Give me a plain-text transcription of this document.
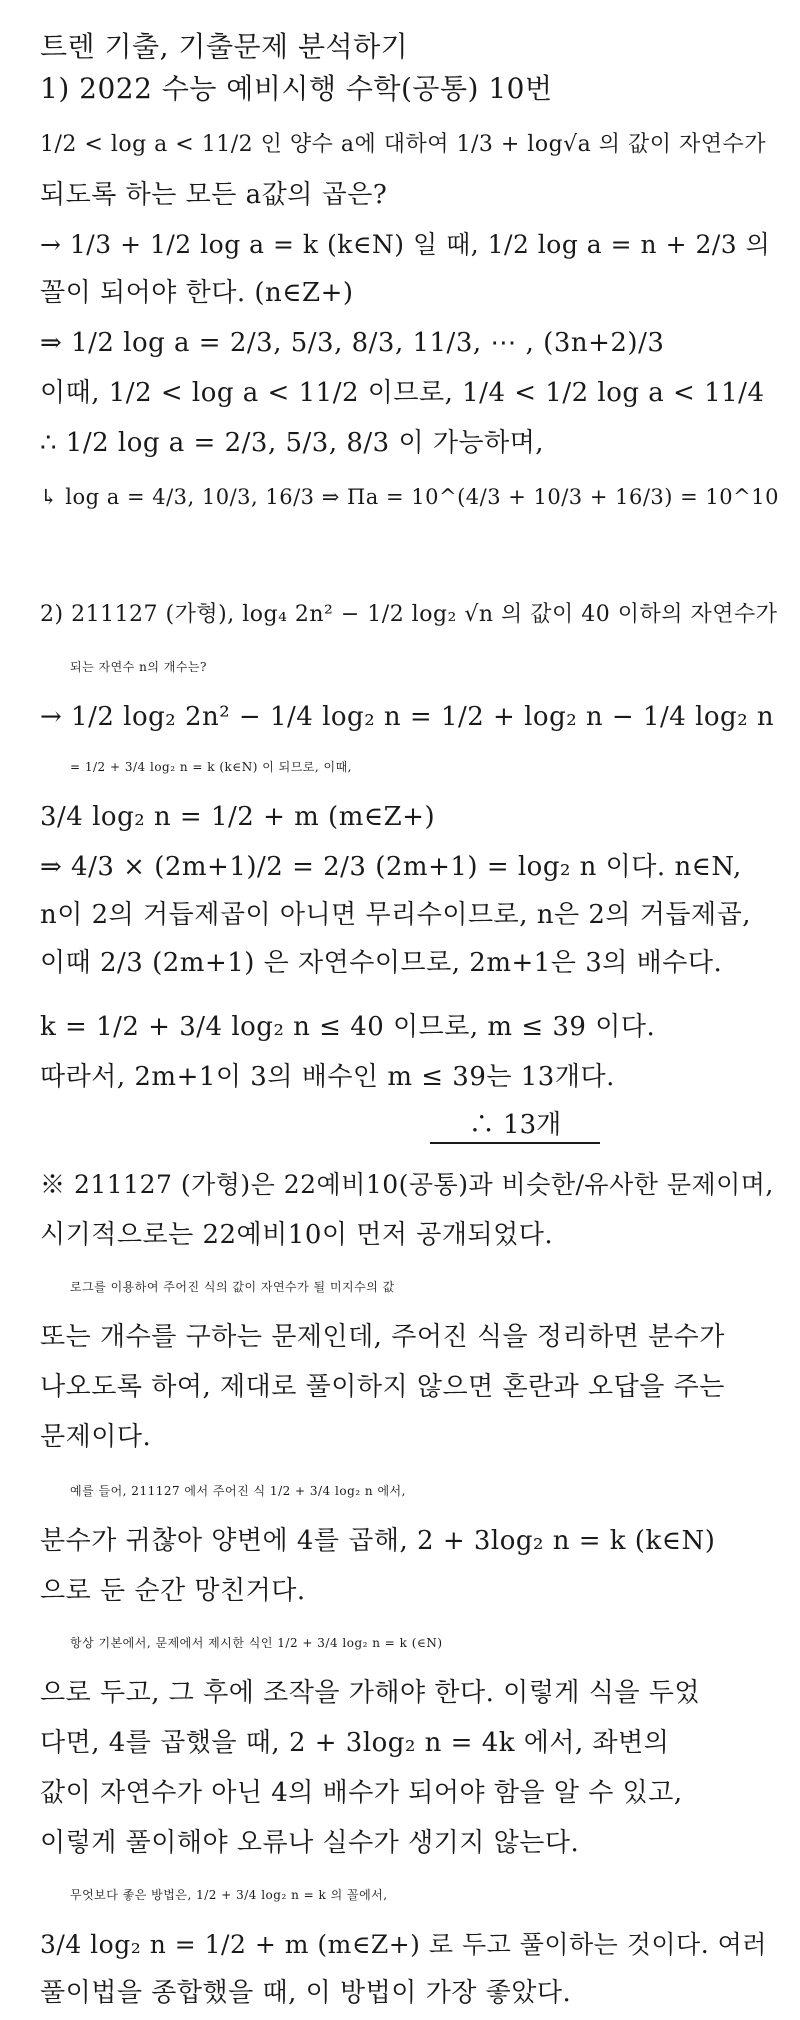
트렌 기출, 기출문제 분석하기
1) 2022 수능 예비시행 수학(공통) 10번
1/2 < log a < 11/2 인 양수 a에 대하여 1/3 + log√a 의 값이 자연수가
되도록 하는 모든 a값의 곱은?
→ 1/3 + 1/2 log a = k (k∈N) 일 때, 1/2 log a = n + 2/3 의
꼴이 되어야 한다. (n∈Z+)
⇒ 1/2 log a = 2/3, 5/3, 8/3, 11/3, ⋯ , (3n+2)/3
이때, 1/2 < log a < 11/2 이므로, 1/4 < 1/2 log a < 11/4
∴ 1/2 log a = 2/3, 5/3, 8/3 이 가능하며,
↳ log a = 4/3, 10/3, 16/3 ⇒ Πa = 10^(4/3 + 10/3 + 16/3) = 10^10
2) 211127 (가형), log₄ 2n² − 1/2 log₂ √n 의 값이 40 이하의 자연수가
되는 자연수 n의 개수는?
→ 1/2 log₂ 2n² − 1/4 log₂ n = 1/2 + log₂ n − 1/4 log₂ n
= 1/2 + 3/4 log₂ n = k (k∈N) 이 되므로, 이때,
3/4 log₂ n = 1/2 + m (m∈Z+)
⇒ 4/3 × (2m+1)/2 = 2/3 (2m+1) = log₂ n 이다. n∈N,
n이 2의 거듭제곱이 아니면 무리수이므로, n은 2의 거듭제곱,
이때 2/3 (2m+1) 은 자연수이므로, 2m+1은 3의 배수다.
k = 1/2 + 3/4 log₂ n ≤ 40 이므로, m ≤ 39 이다.
따라서, 2m+1이 3의 배수인 m ≤ 39는 13개다.
∴ 13개
※ 211127 (가형)은 22예비10(공통)과 비슷한/유사한 문제이며,
시기적으로는 22예비10이 먼저 공개되었다.
로그를 이용하여 주어진 식의 값이 자연수가 될 미지수의 값
또는 개수를 구하는 문제인데, 주어진 식을 정리하면 분수가
나오도록 하여, 제대로 풀이하지 않으면 혼란과 오답을 주는
문제이다.
예를 들어, 211127 에서 주어진 식 1/2 + 3/4 log₂ n 에서,
분수가 귀찮아 양변에 4를 곱해, 2 + 3log₂ n = k (k∈N)
으로 둔 순간 망친거다.
항상 기본에서, 문제에서 제시한 식인 1/2 + 3/4 log₂ n = k (∈N)
으로 두고, 그 후에 조작을 가해야 한다. 이렇게 식을 두었
다면, 4를 곱했을 때, 2 + 3log₂ n = 4k 에서, 좌변의
값이 자연수가 아닌 4의 배수가 되어야 함을 알 수 있고,
이렇게 풀이해야 오류나 실수가 생기지 않는다.
무엇보다 좋은 방법은, 1/2 + 3/4 log₂ n = k 의 꼴에서,
3/4 log₂ n = 1/2 + m (m∈Z+) 로 두고 풀이하는 것이다. 여러
풀이법을 종합했을 때, 이 방법이 가장 좋았다.
